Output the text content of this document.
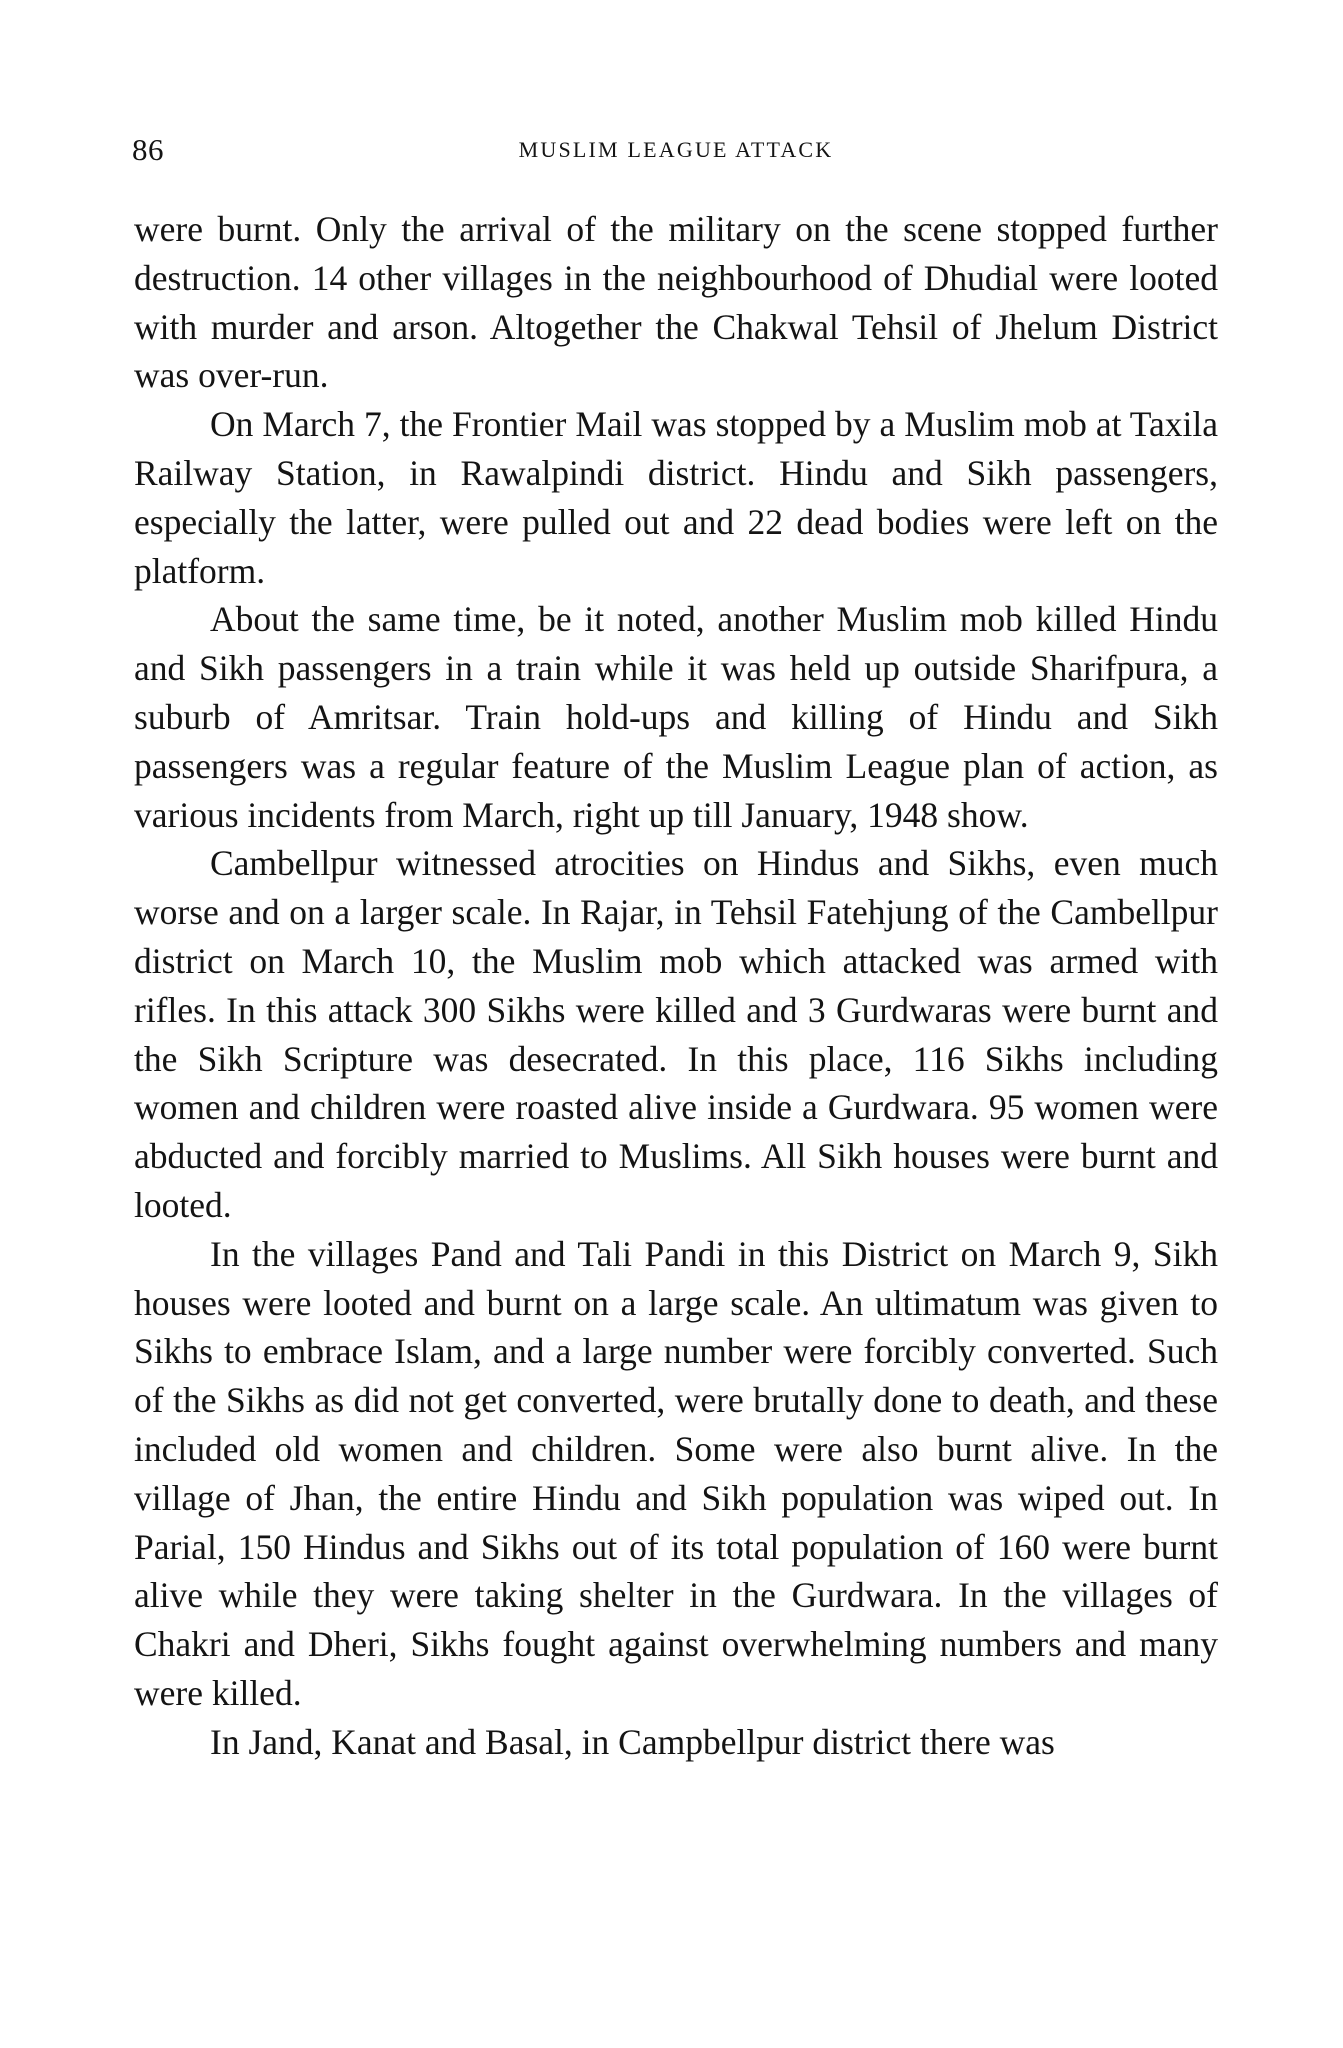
86	MUSLIM LEAGUE ATTACK

were burnt. Only the arrival of the military on the scene stopped further destruction. 14 other villages in the neighbourhood of Dhudial were looted with murder and arson. Altogether the Chakwal Tehsil of Jhelum District was over-run.

On March 7, the Frontier Mail was stopped by a Muslim mob at Taxila Railway Station, in Rawalpindi district. Hindu and Sikh passengers, especially the latter, were pulled out and 22 dead bodies were left on the platform.

About the same time, be it noted, another Muslim mob killed Hindu and Sikh passengers in a train while it was held up outside Sharifpura, a suburb of Amritsar. Train hold-ups and killing of Hindu and Sikh passengers was a regular feature of the Muslim League plan of action, as various incidents from March, right up till January, 1948 show.

Cambellpur witnessed atrocities on Hindus and Sikhs, even much worse and on a larger scale. In Rajar, in Tehsil Fatehjung of the Cambellpur district on March 10, the Muslim mob which attacked was armed with rifles. In this attack 300 Sikhs were killed and 3 Gurdwaras were burnt and the Sikh Scripture was desecrated. In this place, 116 Sikhs including women and children were roasted alive inside a Gurdwara. 95 women were abducted and forcibly married to Muslims. All Sikh houses were burnt and looted.

In the villages Pand and Tali Pandi in this District on March 9, Sikh houses were looted and burnt on a large scale. An ultimatum was given to Sikhs to embrace Islam, and a large number were forcibly converted. Such of the Sikhs as did not get converted, were brutally done to death, and these included old women and children. Some were also burnt alive. In the village of Jhan, the entire Hindu and Sikh population was wiped out. In Parial, 150 Hindus and Sikhs out of its total population of 160 were burnt alive while they were taking shelter in the Gurdwara. In the villages of Chakri and Dheri, Sikhs fought against overwhelming numbers and many were killed.

In Jand, Kanat and Basal, in Campbellpur district there was
